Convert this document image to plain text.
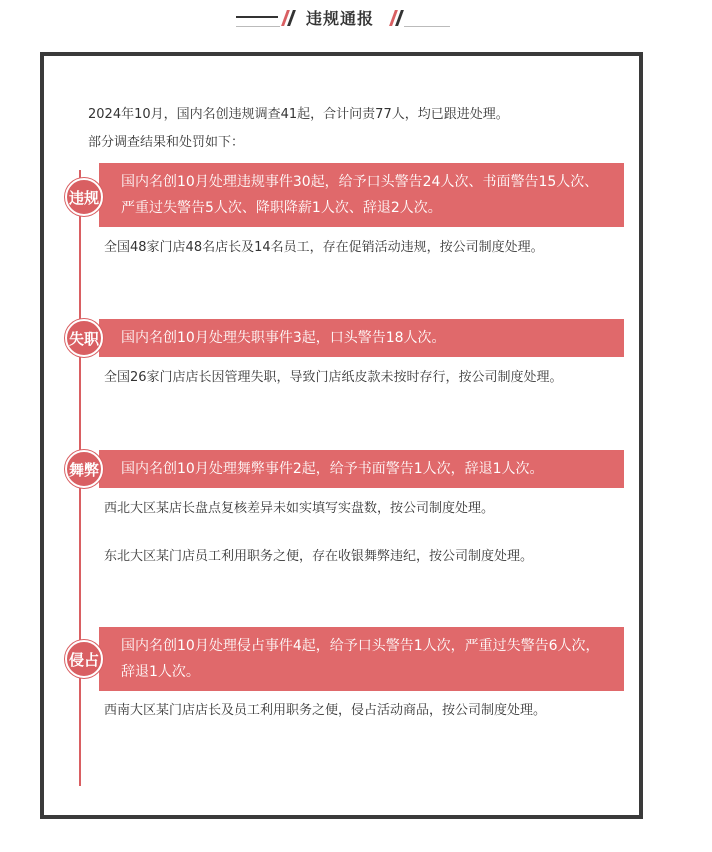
违规通报
2024年10月，国内名创违规调查41起，合计问责77人，均已跟进处理。
部分调查结果和处罚如下：
国内名创10月处理违规事件30起，给予口头警告24人次、书面警告15人次、严重过失警告5人次、降职降薪1人次、辞退2人次。
违规
全国48家门店48名店长及14名员工，存在促销活动违规，按公司制度处理。
国内名创10月处理失职事件3起，口头警告18人次。
失职
全国26家门店店长因管理失职，导致门店纸皮款未按时存行，按公司制度处理。
国内名创10月处理舞弊事件2起，给予书面警告1人次，辞退1人次。
舞弊
西北大区某店长盘点复核差异未如实填写实盘数，按公司制度处理。
东北大区某门店员工利用职务之便，存在收银舞弊违纪，按公司制度处理。
国内名创10月处理侵占事件4起，给予口头警告1人次，严重过失警告6人次，辞退1人次。
侵占
西南大区某门店店长及员工利用职务之便，侵占活动商品，按公司制度处理。
